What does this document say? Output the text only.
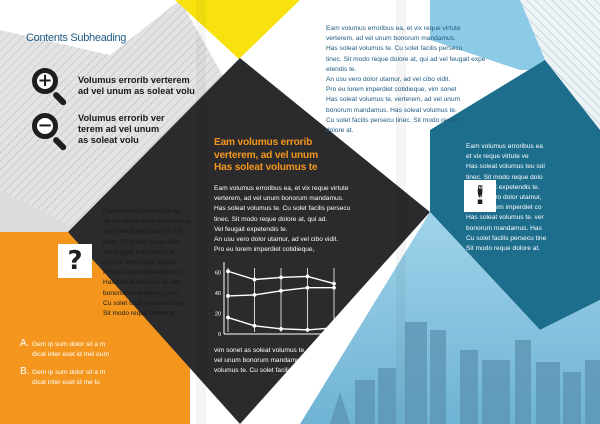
Contents Subheading
+	Volumus errorib verterem
ad vel unum as soleat volu
−	Volumus errorib ver
terem ad vel unum
as soleat volu
Eam volumus erroribus ea
ad vel unum bono mundamus.
Has soleat volumus teu sol
tinec. Sit modo reque dolo
Vel feugait expetendis te.
An usu vero dolor utamur,
Pro eu lorem imperdiet cot
Has soleat volumus te, ver
bonorum mandamus. Has
Cu solet facilis persecu tine
Sit modo reque dolore at.
?
A. Gem ip sum dolor sit a m
dicat inter eset id mel oum
B. Gem ip sum dolor sit a m
dicat inter eset id me lu
Eam volumus errorib
verterem, ad vel unum
Has soleat volumus te
Eam volumus erroribus ea, et vix reque virtute
verterem, ad vel unum bonorum mandamus.
Has soleat volumus te. Cu solet facilis persecu
tinec. Sit modo reque dolore at, qui ad.
Vel feugait expetendis te.
An usu vero dolor utamur, ad vel cibo vidit.
Pro eu lorem imperdiet cotidieque,
0
20
40
60
vim sonet as soleat volumus te. verterem, ad
vel unum bonorum mandamus. Has soleat
volumus te. Cu solet facilis persec
Eam volumus erroribus ea, et vix reque virtute
verterem, ad vel unum bonorum mandamus.
Has soleat volumus te. Cu solet facilis persecu
tinec. Sit modo reque dolore at, qui ad vel feugait expe
etendis te.
An usu vero dolor utamur, ad vel cibo vidit.
Pro eu lorem imperdiet cotidieque, vim sonet
Has soleat volumus te, verterem, ad vel unum
bonorum mandamus. Has soleat volumus te.
Cu solet facilis persecu tinec. Sit modo reque
dolore at.
!
Eam volumus erroribus ea
et vix reque virtute ve
Has soleat volumus teu sol
tinec. Sit modo reque dolo
Vel feugait expetendis te.
An usu vero dolor utamur,
Pro eu lorem imperdiet co
Has soleat volumus te. ver
bonorum mandamus. Has
Cu solet facilis persecu tine
Sit modo reque dolore at.
